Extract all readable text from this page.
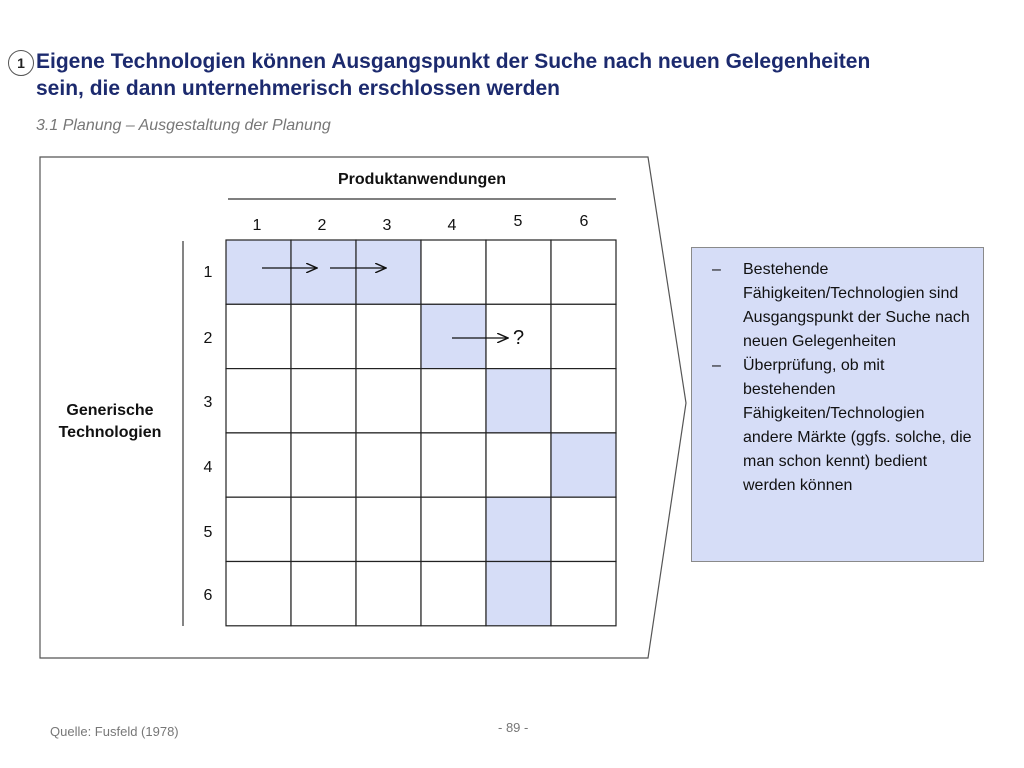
1 Eigene Technologien können Ausgangspunkt der Suche nach neuen Gelegenheiten
sein, die dann unternehmerisch erschlossen werden
3.1 Planung – Ausgestaltung der Planung
Produktanwendungen
1	2	3	4	5	6
1
2
3
4
5
6
Generische
Technologien
?
– Bestehende Fähigkeiten/Technologien sind Ausgangspunkt der Suche nach neuen Gelegenheiten
– Überprüfung, ob mit bestehenden Fähigkeiten/Technologien andere Märkte (ggfs. solche, die man schon kennt) bedient werden können
Quelle: Fusfeld (1978)	- 89 -
